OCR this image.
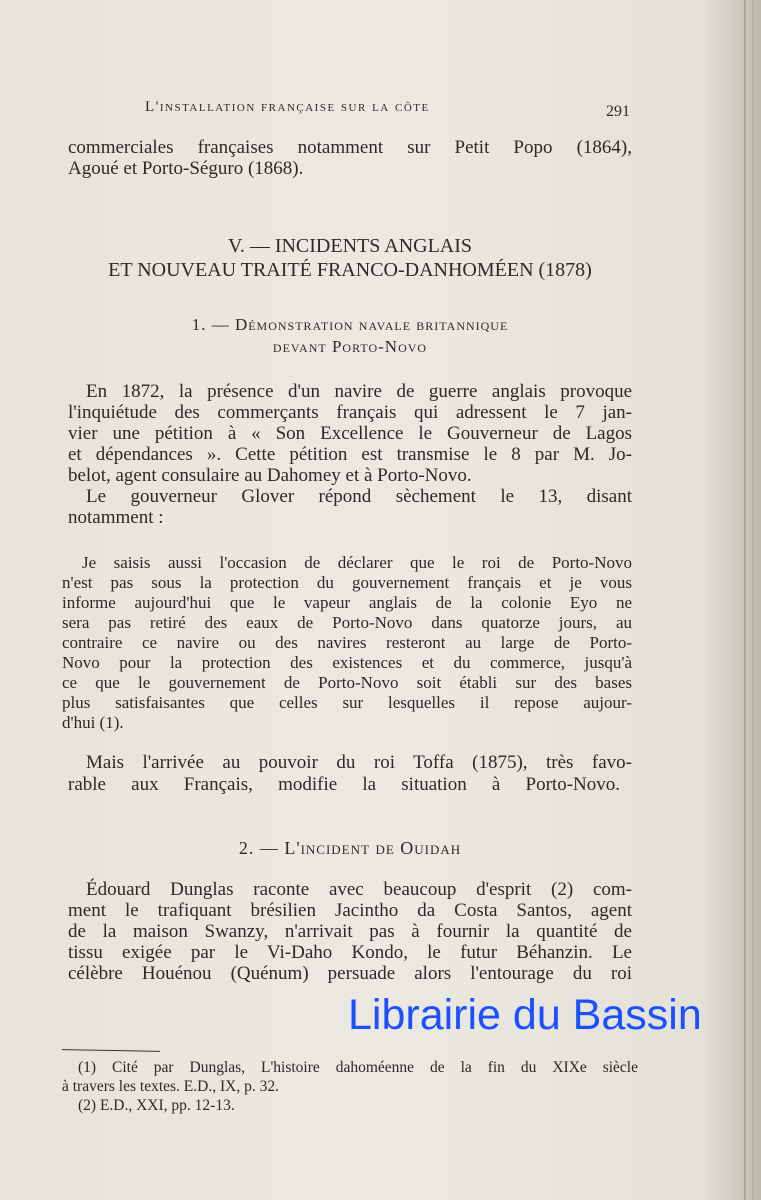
L'installation française sur la côte	291
commerciales françaises notamment sur Petit Popo (1864),
Agoué et Porto-Séguro (1868).
V. — INCIDENTS ANGLAIS
ET NOUVEAU TRAITÉ FRANCO-DANHOMÉEN (1878)
1. — Démonstration navale britannique
devant Porto-Novo
En 1872, la présence d'un navire de guerre anglais provoque
l'inquiétude des commerçants français qui adressent le 7 jan-
vier une pétition à « Son Excellence le Gouverneur de Lagos
et dépendances ». Cette pétition est transmise le 8 par M. Jo-
belot, agent consulaire au Dahomey et à Porto-Novo.
Le gouverneur Glover répond sèchement le 13, disant
notamment :
Je saisis aussi l'occasion de déclarer que le roi de Porto-Novo
n'est pas sous la protection du gouvernement français et je vous
informe aujourd'hui que le vapeur anglais de la colonie Eyo ne
sera pas retiré des eaux de Porto-Novo dans quatorze jours, au
contraire ce navire ou des navires resteront au large de Porto-
Novo pour la protection des existences et du commerce, jusqu'à
ce que le gouvernement de Porto-Novo soit établi sur des bases
plus satisfaisantes que celles sur lesquelles il repose aujour-
d'hui (1).
Mais l'arrivée au pouvoir du roi Toffa (1875), très favo-
rable aux Français, modifie la situation à Porto-Novo.
2. — L'incident de Ouidah
Édouard Dunglas raconte avec beaucoup d'esprit (2) com-
ment le trafiquant brésilien Jacintho da Costa Santos, agent
de la maison Swanzy, n'arrivait pas à fournir la quantité de
tissu exigée par le Vi-Daho Kondo, le futur Béhanzin. Le
célèbre Houénou (Quénum) persuade alors l'entourage du roi
(1) Cité par Dunglas, L'histoire dahoméenne de la fin du XIXe siècle
à travers les textes. E.D., IX, p. 32.
(2) E.D., XXI, pp. 12-13.
Librairie du Bassin
